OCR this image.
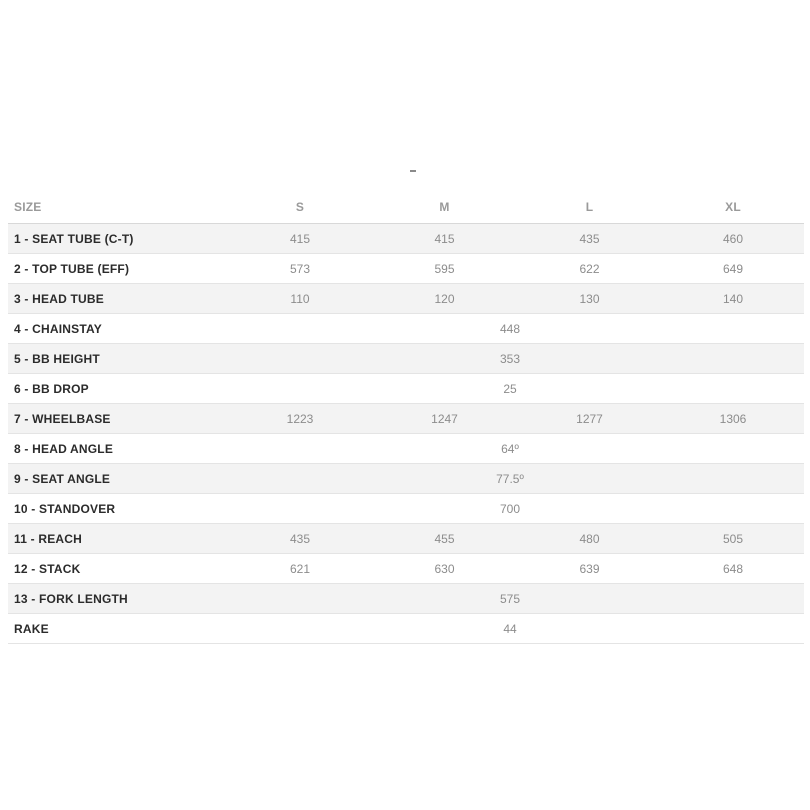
SIZE	S	M	L	XL
1 - SEAT TUBE (C-T)	415	415	435	460
2 - TOP TUBE (EFF)	573	595	622	649
3 - HEAD TUBE	110	120	130	140
4 - CHAINSTAY	448			
5 - BB HEIGHT	353			
6 - BB DROP	25			
7 - WHEELBASE	1223	1247	1277	1306
8 - HEAD ANGLE	64º			
9 - SEAT ANGLE	77.5º			
10 - STANDOVER	700			
11 - REACH	435	455	480	505
12 - STACK	621	630	639	648
13 - FORK LENGTH	575			
RAKE	44			
